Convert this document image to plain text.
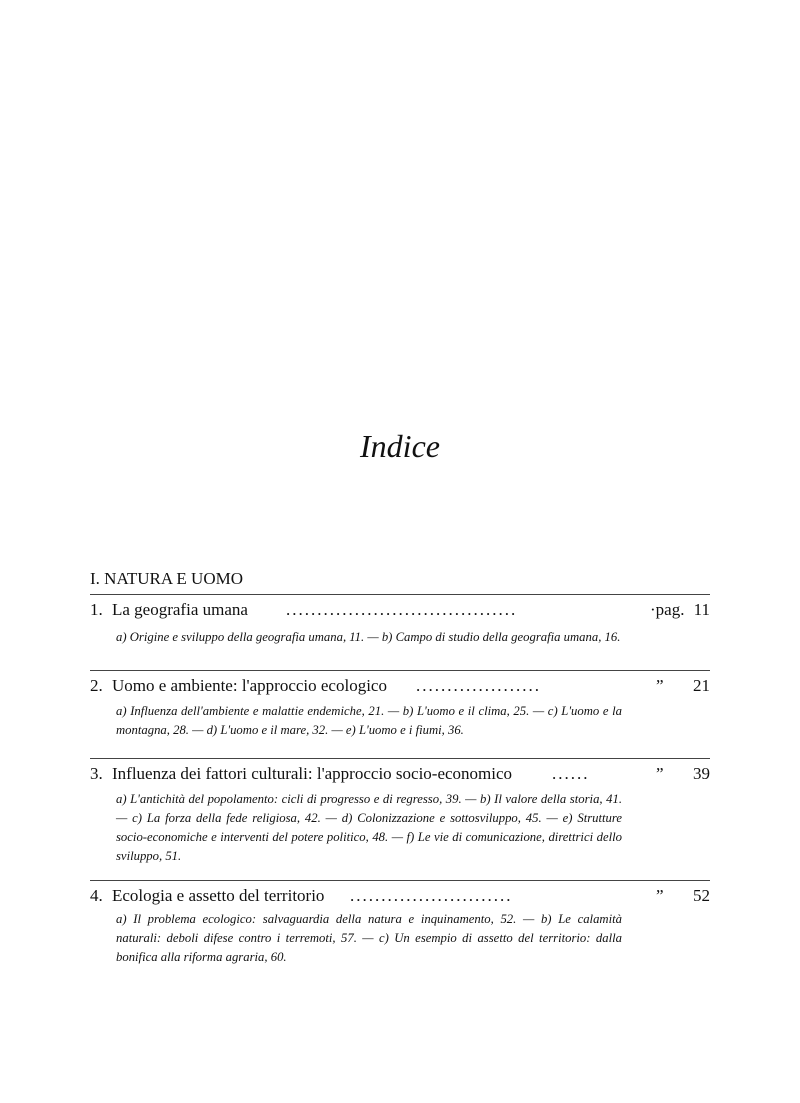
Indice
I. NATURA E UOMO
1. La geografia umana .....................................	·pag. 11
a) Origine e sviluppo della geografia umana, 11. — b) Campo di studio della geografia umana, 16.
2. Uomo e ambiente: l'approccio ecologico ....................	” 21
a) Influenza dell'ambiente e malattie endemiche, 21. — b) L'uomo e il clima, 25. — c) L'uomo e la montagna, 28. — d) L'uomo e il mare, 32. — e) L'uomo e i fiumi, 36.
3. Influenza dei fattori culturali: l'approccio socio-economico ......	” 39
a) L'antichità del popolamento: cicli di progresso e di regresso, 39. — b) Il valore della storia, 41. — c) La forza della fede religiosa, 42. — d) Colonizzazione e sottosviluppo, 45. — e) Strutture socio-economiche e interventi del potere politico, 48. — f) Le vie di comunicazione, direttrici dello sviluppo, 51.
4. Ecologia e assetto del territorio ..........................	” 52
a) Il problema ecologico: salvaguardia della natura e inquinamento, 52. — b) Le calamità naturali: deboli difese contro i terremoti, 57. — c) Un esempio di assetto del territorio: dalla bonifica alla riforma agraria, 60.
